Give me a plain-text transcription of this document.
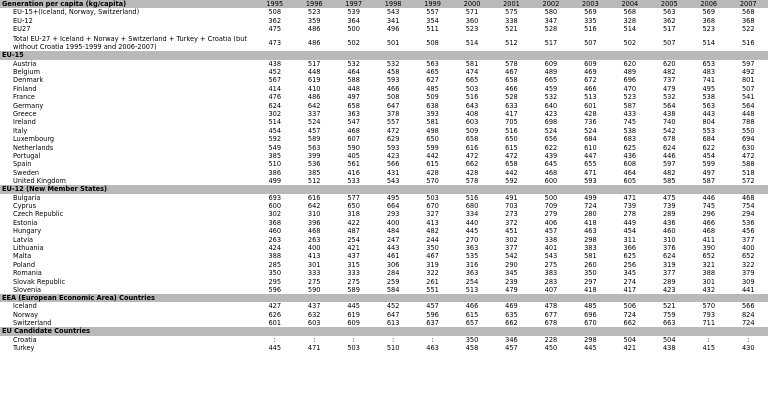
Generation per capita (kg/capita)	1995	1996	1997	1998	1999	2000	2001	2002	2003	2004	2005	2006	2007
EU-15+(Iceland, Norway, Switzerland)	508	523	539	543	557	571	575	580	569	568	563	569	568
EU-12	362	359	364	341	354	360	338	347	335	328	362	368	368
EU27	475	486	500	496	511	523	521	528	516	514	517	523	522

Total EU-27 + Iceland + Norway + Switzerland + Turkey + Croatia (but without Croatia 1995-1999 and 2006-2007)	473	486	502	501	508	514	512	517	507	502	507	514	516
EU-15													
Austria	438	517	532	532	563	581	578	609	609	620	620	653	597
Belgium	452	448	464	458	465	474	467	489	469	489	482	483	492
Denmark	567	619	588	593	627	665	658	665	672	696	737	741	801
Finland	414	410	448	466	485	503	466	459	466	470	479	495	507
France	476	486	497	508	509	516	528	532	513	523	532	538	541
Germany	624	642	658	647	638	643	633	640	601	587	564	563	564
Greece	302	337	363	378	393	408	417	423	428	433	438	443	448
Ireland	514	524	547	557	581	603	705	698	736	745	740	804	788
Italy	454	457	468	472	498	509	516	524	524	538	542	553	550
Luxembourg	592	589	607	629	650	658	650	656	684	683	678	684	694
Netherlands	549	563	590	593	599	616	615	622	610	625	624	622	630
Portugal	385	399	405	423	442	472	472	439	447	436	446	454	472
Spain	510	536	561	566	615	662	658	645	655	608	597	599	588
Sweden	386	385	416	431	428	428	442	468	471	464	482	497	518
United Kingdom	499	512	533	543	570	578	592	600	593	605	585	587	572
EU-12 (New Member States)													
Bulgaria	693	616	577	495	503	516	491	500	499	471	475	446	468
Cyprus	600	642	650	664	670	680	703	709	724	739	739	745	754
Czech Republic	302	310	318	293	327	334	273	279	280	278	289	296	294
Estonia	368	396	422	400	413	440	372	406	418	449	436	466	536
Hungary	460	468	487	484	482	445	451	457	463	454	460	468	456
Latvia	263	263	254	247	244	270	302	338	298	311	310	411	377
Lithuania	424	400	421	443	350	363	377	401	383	366	376	390	400
Malta	388	413	437	461	467	535	542	543	581	625	624	652	652
Poland	285	301	315	306	319	316	290	275	260	256	319	321	322
Romania	350	333	333	284	322	363	345	383	350	345	377	388	379
Slovak Republic	295	275	275	259	261	254	239	283	297	274	289	301	309
Slovenia	596	590	589	584	551	513	479	407	418	417	423	432	441
EEA (European Economic Area) Countries													
Iceland	427	437	445	452	457	466	469	478	485	506	521	570	566
Norway	626	632	619	647	596	615	635	677	696	724	759	793	824
Switzerland	601	603	609	613	637	657	662	678	670	662	663	711	724
EU Candidate Countries													
Croatia	:	:	:	:	:	350	346	228	298	504	504	:	:
Turkey	445	471	503	510	463	458	457	450	445	421	438	415	430
